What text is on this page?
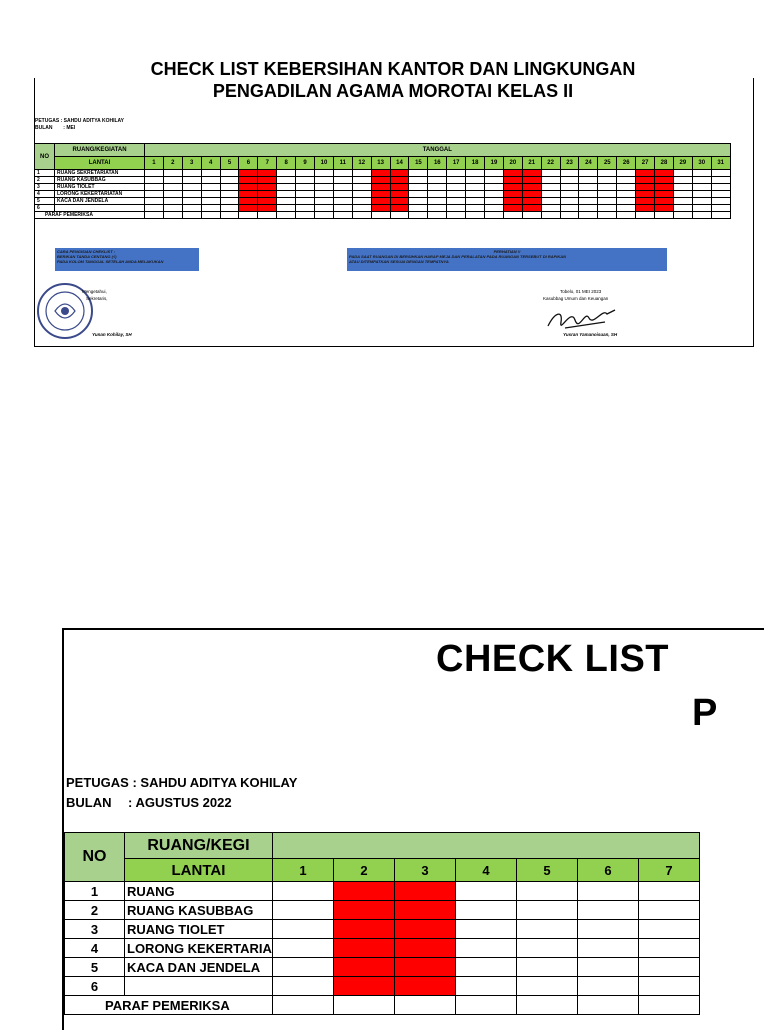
CHECK LIST KEBERSIHAN KANTOR DAN LINGKUNGAN
PENGADILAN AGAMA MOROTAI KELAS II
PETUGAS : SAHDU ADITYA KOHILAY
BULAN : MEI
NO	RUANG/KEGIATAN	TANGGAL																														
	LANTAI	1	2	3	4	5	6	7	8	9	10	11	12	13	14	15	16	17	18	19	20	21	22	23	24	25	26	27	28	29	30	31
1	RUANG SEKRETARIATAN																															
2	RUANG KASUBBAG																															
3	RUANG TIOLET																															
4	LORONG KEKERTARIATAN																															
5	KACA DAN JENDELA																															
6																																
PARAF PEMERIKSA																																
CARA PENGISIAN CHEKLIST :
BERIKAN TANDA CENTANG (√)
PADA KOLOM TANGGAL SETELAH ANDA MELAKUKAN
PERHATIAN !!
PADA SAAT RUANGAN DI BERSIHKAN HARAP MEJA DAN PERALATAN PADA RUANGAN TERSEBUT DI RAPIKAN
ATAU DITEMPATKAN SESUAI DENGAN TEMPATNYA
Mengetahui,
Sekretaris,
Yunan Kohilay, SH
Tobelo, 01 MEI 2023
Kasubbag Umum dan Keuangan
Yusran Yamanoisuan, SH
CHECK LIST
P
PETUGAS : SAHDU ADITYA KOHILAY
BULAN : AGUSTUS 2022
NO	RUANG/KEGI							
	LANTAI	1	2	3	4	5	6	7
1	RUANG							
2	RUANG KASUBBAG							
3	RUANG TIOLET							
4	LORONG KEKERTARIA							
5	KACA DAN JENDELA							
6								
PARAF PEMERIKSA								
